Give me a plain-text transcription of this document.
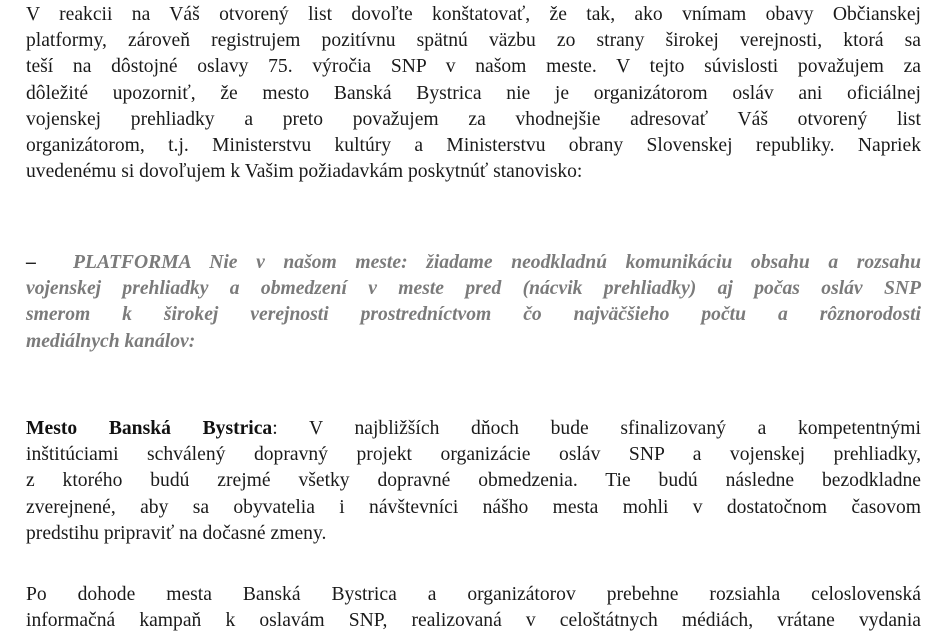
V reakcii na Váš otvorený list dovoľte konštatovať, že tak, ako vnímam obavy Občianskej
platformy, zároveň registrujem pozitívnu spätnú väzbu zo strany širokej verejnosti, ktorá sa
teší na dôstojné oslavy 75. výročia SNP v našom meste. V tejto súvislosti považujem za
dôležité upozorniť, že mesto Banská Bystrica nie je organizátorom osláv ani oficiálnej
vojenskej prehliadky a preto považujem za vhodnejšie adresovať Váš otvorený list
organizátorom, t.j. Ministerstvu kultúry a Ministerstvu obrany Slovenskej republiky. Napriek
uvedenému si dovoľujem k Vašim požiadavkám poskytnúť stanovisko:
– PLATFORMA Nie v našom meste: žiadame neodkladnú komunikáciu obsahu a rozsahu
vojenskej prehliadky a obmedzení v meste pred (nácvik prehliadky) aj počas osláv SNP
smerom k širokej verejnosti prostredníctvom čo najväčšieho počtu a rôznorodosti
mediálnych kanálov:
Mesto Banská Bystrica: V najbližších dňoch bude sfinalizovaný a kompetentnými
inštitúciami schválený dopravný projekt organizácie osláv SNP a vojenskej prehliadky,
z ktorého budú zrejmé všetky dopravné obmedzenia. Tie budú následne bezodkladne
zverejnené, aby sa obyvatelia i návštevníci nášho mesta mohli v dostatočnom časovom
predstihu pripraviť na dočasné zmeny.
Po dohode mesta Banská Bystrica a organizátorov prebehne rozsiahla celoslovenská
informačná kampaň k oslavám SNP, realizovaná v celoštátnych médiách, vrátane vydania
